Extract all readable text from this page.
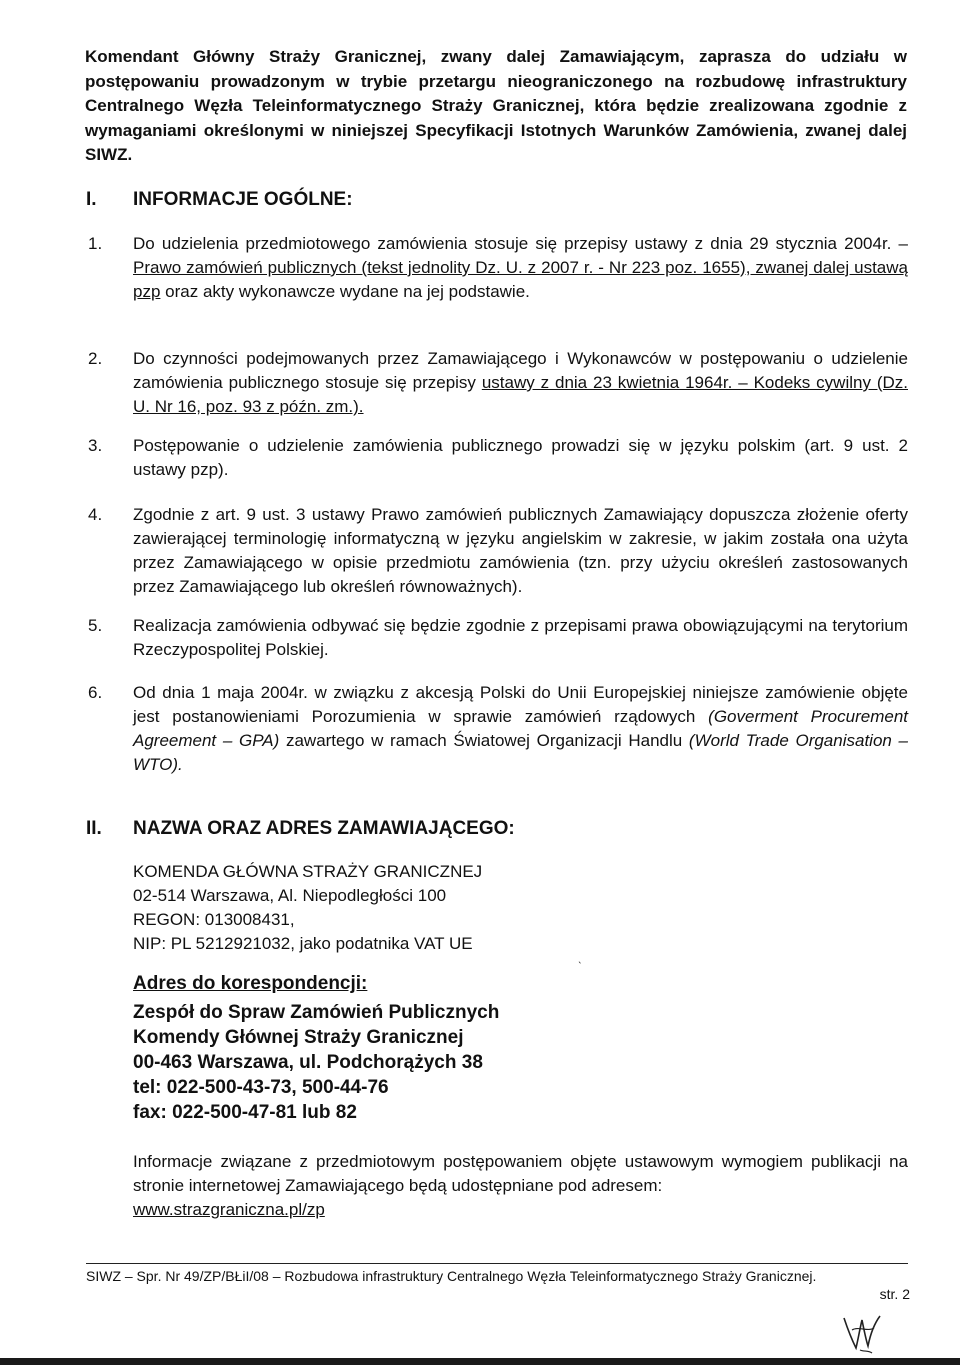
Komendant Główny Straży Granicznej, zwany dalej Zamawiającym, zaprasza do udziału w postępowaniu prowadzonym w trybie przetargu nieograniczonego na rozbudowę infrastruktury Centralnego Węzła Teleinformatycznego Straży Granicznej, która będzie zrealizowana zgodnie z wymaganiami określonymi w niniejszej Specyfikacji Istotnych Warunków Zamówienia, zwanej dalej SIWZ.
I. INFORMACJE OGÓLNE:
1. Do udzielenia przedmiotowego zamówienia stosuje się przepisy ustawy z dnia 29 stycznia 2004r. – Prawo zamówień publicznych (tekst jednolity Dz. U. z 2007 r. - Nr 223 poz. 1655), zwanej dalej ustawą pzp oraz akty wykonawcze wydane na jej podstawie.
2. Do czynności podejmowanych przez Zamawiającego i Wykonawców w postępowaniu o udzielenie zamówienia publicznego stosuje się przepisy ustawy z dnia 23 kwietnia 1964r. – Kodeks cywilny (Dz. U. Nr 16, poz. 93 z późn. zm.).
3. Postępowanie o udzielenie zamówienia publicznego prowadzi się w języku polskim (art. 9 ust. 2 ustawy pzp).
4. Zgodnie z art. 9 ust. 3 ustawy Prawo zamówień publicznych Zamawiający dopuszcza złożenie oferty zawierającej terminologię informatyczną w języku angielskim w zakresie, w jakim została ona użyta przez Zamawiającego w opisie przedmiotu zamówienia (tzn. przy użyciu określeń zastosowanych przez Zamawiającego lub określeń równoważnych).
5. Realizacja zamówienia odbywać się będzie zgodnie z przepisami prawa obowiązującymi na terytorium Rzeczypospolitej Polskiej.
6. Od dnia 1 maja 2004r. w związku z akcesją Polski do Unii Europejskiej niniejsze zamówienie objęte jest postanowieniami Porozumienia w sprawie zamówień rządowych (Goverment Procurement Agreement – GPA) zawartego w ramach Światowej Organizacji Handlu (World Trade Organisation – WTO).
II. NAZWA ORAZ ADRES ZAMAWIAJĄCEGO:
KOMENDA GŁÓWNA STRAŻY GRANICZNEJ
02-514 Warszawa, Al. Niepodległości 100
REGON: 013008431,
NIP: PL 5212921032, jako podatnika VAT UE
ˎ
Adres do korespondencji:
Zespół do Spraw Zamówień Publicznych
Komendy Głównej Straży Granicznej
00-463 Warszawa, ul. Podchorążych 38
tel: 022-500-43-73, 500-44-76
fax: 022-500-47-81 lub 82
Informacje związane z przedmiotowym postępowaniem objęte ustawowym wymogiem publikacji na stronie internetowej Zamawiającego będą udostępniane pod adresem:
www.strazgraniczna.pl/zp
SIWZ – Spr. Nr 49/ZP/BŁiI/08 – Rozbudowa infrastruktury Centralnego Węzła Teleinformatycznego Straży Granicznej.
str. 2
